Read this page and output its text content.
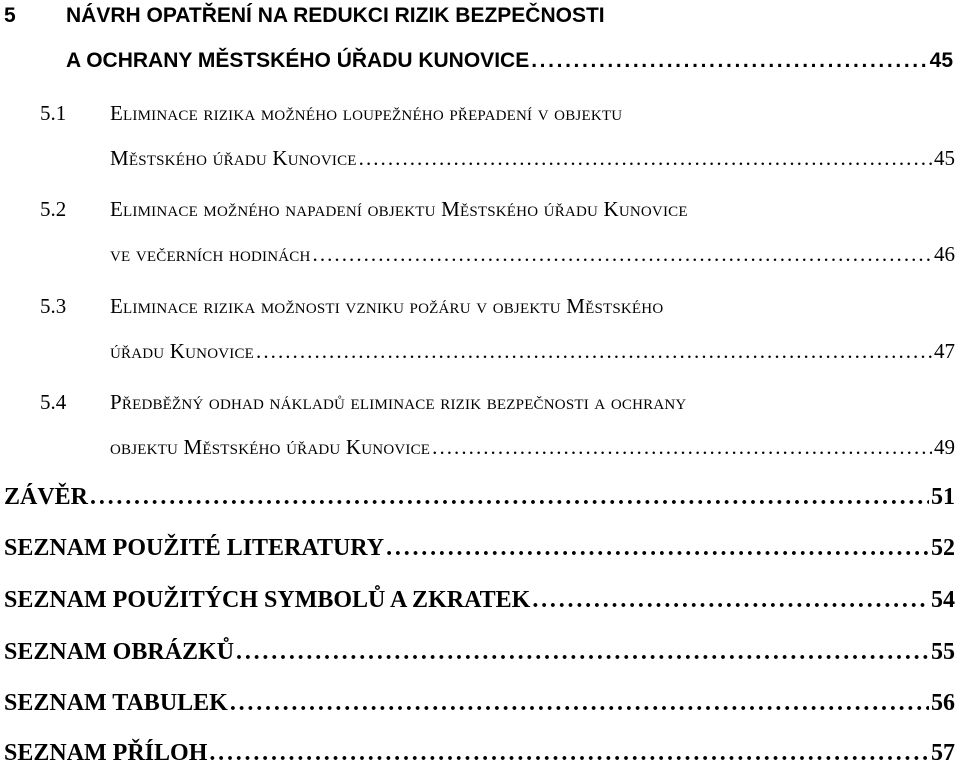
5	NÁVRH OPATŘENÍ NA REDUKCI RIZIK BEZPEČNOSTI
A OCHRANY MĚSTSKÉHO ÚŘADU KUNOVICE . . .	45
5.1	Eliminace rizika možného loupežného přepadení v objektu
Městského úřadu Kunovice . . .	45
5.2	Eliminace možného napadení objektu Městského úřadu Kunovice
ve večerních hodinách . . .	46
5.3	Eliminace rizika možnosti vzniku požáru v objektu Městského
úřadu Kunovice . . .	47
5.4	Předběžný odhad nákladů eliminace rizik bezpečnosti a ochrany
objektu Městského úřadu Kunovice . . .	49
ZÁVĚR . . .	51
SEZNAM POUŽITÉ LITERATURY . . .	52
SEZNAM POUŽITÝCH SYMBOLŮ A ZKRATEK . . .	54
SEZNAM OBRÁZKŮ . . .	55
SEZNAM TABULEK . . .	56
SEZNAM PŘÍLOH . . .	57
